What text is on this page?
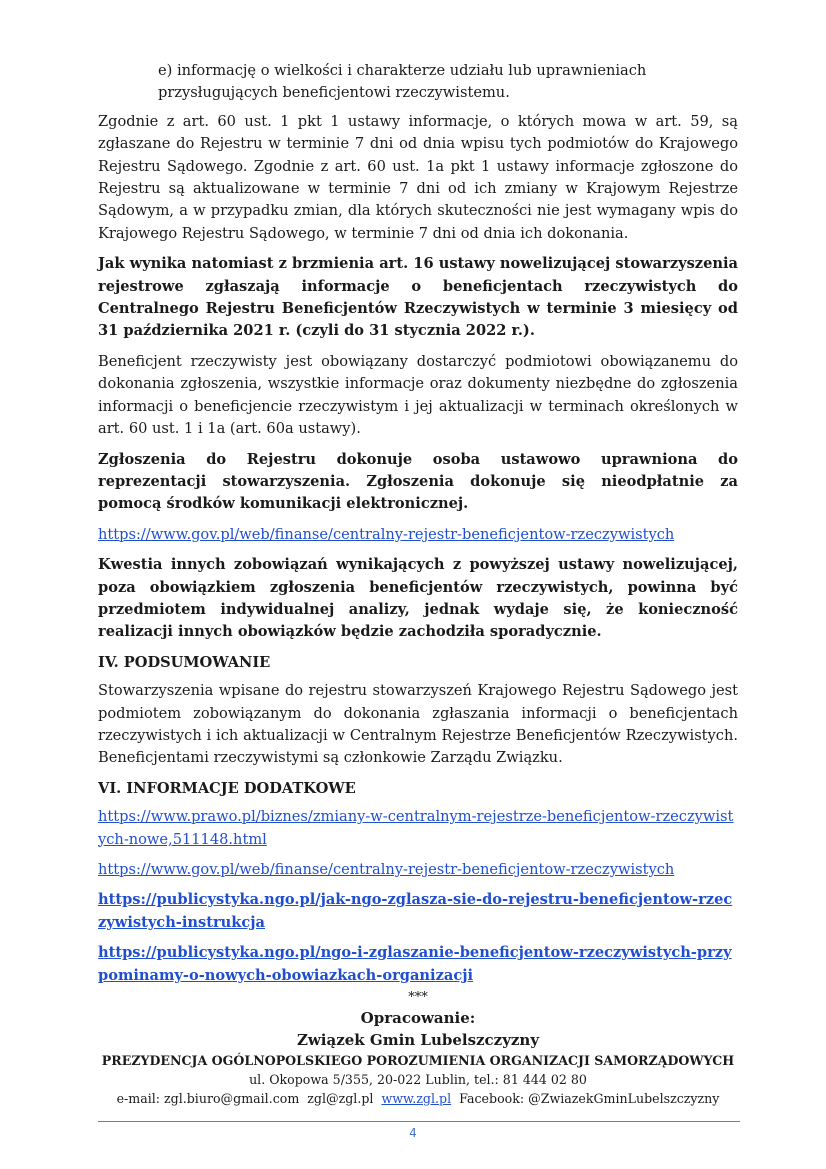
e) informację o wielkości i charakterze udziału lub uprawnieniach przysługujących beneficjentowi rzeczywistemu.

Zgodnie z art. 60 ust. 1 pkt 1 ustawy informacje, o których mowa w art. 59, są zgłaszane do Rejestru w terminie 7 dni od dnia wpisu tych podmiotów do Krajowego Rejestru Sądowego. Zgodnie z art. 60 ust. 1a pkt 1 ustawy informacje zgłoszone do Rejestru są aktualizowane w terminie 7 dni od ich zmiany w Krajowym Rejestrze Sądowym, a w przypadku zmian, dla których skuteczności nie jest wymagany wpis do Krajowego Rejestru Sądowego, w terminie 7 dni od dnia ich dokonania.

Jak wynika natomiast z brzmienia art. 16 ustawy nowelizującej stowarzyszenia rejestrowe zgłaszają informacje o beneficjentach rzeczywistych do Centralnego Rejestru Beneficjentów Rzeczywistych w terminie 3 miesięcy od 31 października 2021 r. (czyli do 31 stycznia 2022 r.).

Beneficjent rzeczywisty jest obowiązany dostarczyć podmiotowi obowiązanemu do dokonania zgłoszenia, wszystkie informacje oraz dokumenty niezbędne do zgłoszenia informacji o beneficjencie rzeczywistym i jej aktualizacji w terminach określonych w art. 60 ust. 1 i 1a (art. 60a ustawy).

Zgłoszenia do Rejestru dokonuje osoba ustawowo uprawniona do reprezentacji stowarzyszenia. Zgłoszenia dokonuje się nieodpłatnie za pomocą środków komunikacji elektronicznej.

https://www.gov.pl/web/finanse/centralny-rejestr-beneficjentow-rzeczywistych

Kwestia innych zobowiązań wynikających z powyższej ustawy nowelizującej, poza obowiązkiem zgłoszenia beneficjentów rzeczywistych, powinna być przedmiotem indywidualnej analizy, jednak wydaje się, że konieczność realizacji innych obowiązków będzie zachodziła sporadycznie.

IV. PODSUMOWANIE

Stowarzyszenia wpisane do rejestru stowarzyszeń Krajowego Rejestru Sądowego jest podmiotem zobowiązanym do dokonania zgłaszania informacji o beneficjentach rzeczywistych i ich aktualizacji w Centralnym Rejestrze Beneficjentów Rzeczywistych. Beneficjentami rzeczywistymi są członkowie Zarządu Związku.

VI. INFORMACJE DODATKOWE

https://www.prawo.pl/biznes/zmiany-w-centralnym-rejestrze-beneficjentow-rzeczywistych-nowe,511148.html

https://www.gov.pl/web/finanse/centralny-rejestr-beneficjentow-rzeczywistych

https://publicystyka.ngo.pl/jak-ngo-zglasza-sie-do-rejestru-beneficjentow-rzeczywistych-instrukcja

https://publicystyka.ngo.pl/ngo-i-zglaszanie-beneficjentow-rzeczywistych-przypominamy-o-nowych-obowiazkach-organizacji

***

Opracowanie:
Związek Gmin Lubelszczyzny
PREZYDENCJA OGÓLNOPOLSKIEGO POROZUMIENIA ORGANIZACJI SAMORZĄDOWYCH
ul. Okopowa 5/355, 20-022 Lublin, tel.: 81 444 02 80
e-mail: zgl.biuro@gmail.com zgl@zgl.pl www.zgl.pl Facebook: @ZwiazekGminLubelszczyzny
4
